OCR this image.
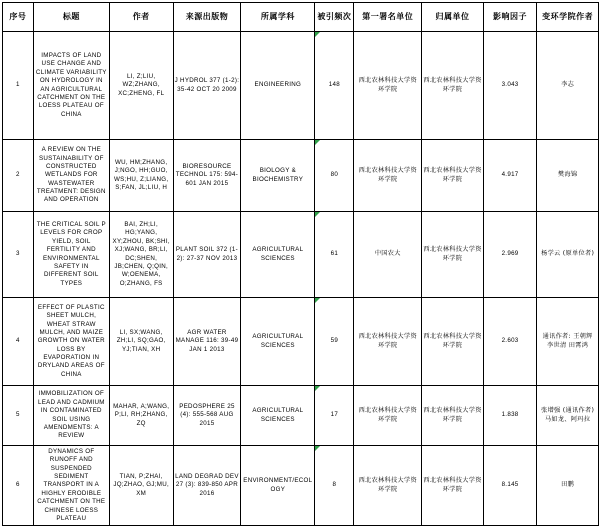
序号	标题	作者	来源出版物	所属学科	被引频次	第一署名单位	归属单位	影响因子	变环学院作者
1	IMPACTS OF LAND USE CHANGE AND CLIMATE VARIABILITY ON HYDROLOGY IN AN AGRICULTURAL CATCHMENT ON THE LOESS PLATEAU OF CHINA	LI, Z;LIU, WZ;ZHANG, XC;ZHENG, FL	J HYDROL 377 (1-2): 35-42 OCT 20 2009	ENGINEERING	148	西北农林科技大学资环学院	西北农林科技大学资环学院	3.043	李志
2	A REVIEW ON THE SUSTAINABILITY OF CONSTRUCTED WETLANDS FOR WASTEWATER TREATMENT: DESIGN AND OPERATION	WU, HM;ZHANG, J;NGO, HH;GUO, WS;HU, Z;LIANG, S;FAN, JL;LIU, H	BIORESOURCE TECHNOL 175: 594-601 JAN 2015	BIOLOGY & BIOCHEMISTRY	80	西北农林科技大学资环学院	西北农林科技大学资环学院	4.917	樊海锦
3	THE CRITICAL SOIL P LEVELS FOR CROP YIELD, SOIL FERTILITY AND ENVIRONMENTAL SAFETY IN DIFFERENT SOIL TYPES	BAI, ZH;LI, HG;YANG, XY;ZHOU, BK;SHI, XJ;WANG, BR;LI, DC;SHEN, JB;CHEN, Q;QIN, W;OENEMA, O;ZHANG, FS	PLANT SOIL 372 (1-2): 27-37 NOV 2013	AGRICULTURAL SCIENCES	61	中国农大	西北农林科技大学资环学院	2.969	杨学云 (原单位者)
4	EFFECT OF PLASTIC SHEET MULCH, WHEAT STRAW MULCH, AND MAIZE GROWTH ON WATER LOSS BY EVAPORATION IN DRYLAND AREAS OF CHINA	LI, SX;WANG, ZH;LI, SQ;GAO, YJ;TIAN, XH	AGR WATER MANAGE 116: 39-49 JAN 1 2013	AGRICULTURAL SCIENCES	59	西北农林科技大学资环学院	西北农林科技大学资环学院	2.603	通讯作者: 王朝辉 李世清 田霄鸿
5	IMMOBILIZATION OF LEAD AND CADMIUM IN CONTAMINATED SOIL USING AMENDMENTS: A REVIEW	MAHAR, A;WANG, P;LI, RH;ZHANG, ZQ	PEDOSPHERE 25 (4): 555-568 AUG 2015	AGRICULTURAL SCIENCES	17	西北农林科技大学资环学院	西北农林科技大学资环学院	1.838	张增强 (通讯作者) 马如龙、阿玛拉
6	DYNAMICS OF RUNOFF AND SUSPENDED SEDIMENT TRANSPORT IN A HIGHLY ERODIBLE CATCHMENT ON THE CHINESE LOESS PLATEAU	TIAN, P;ZHAI, JQ;ZHAO, GJ;MU, XM	LAND DEGRAD DEV 27 (3): 839-850 APR 2016	ENVIRONMENT/ECOLOGY	8	西北农林科技大学资环学院	西北农林科技大学资环学院	8.145	田鹏
